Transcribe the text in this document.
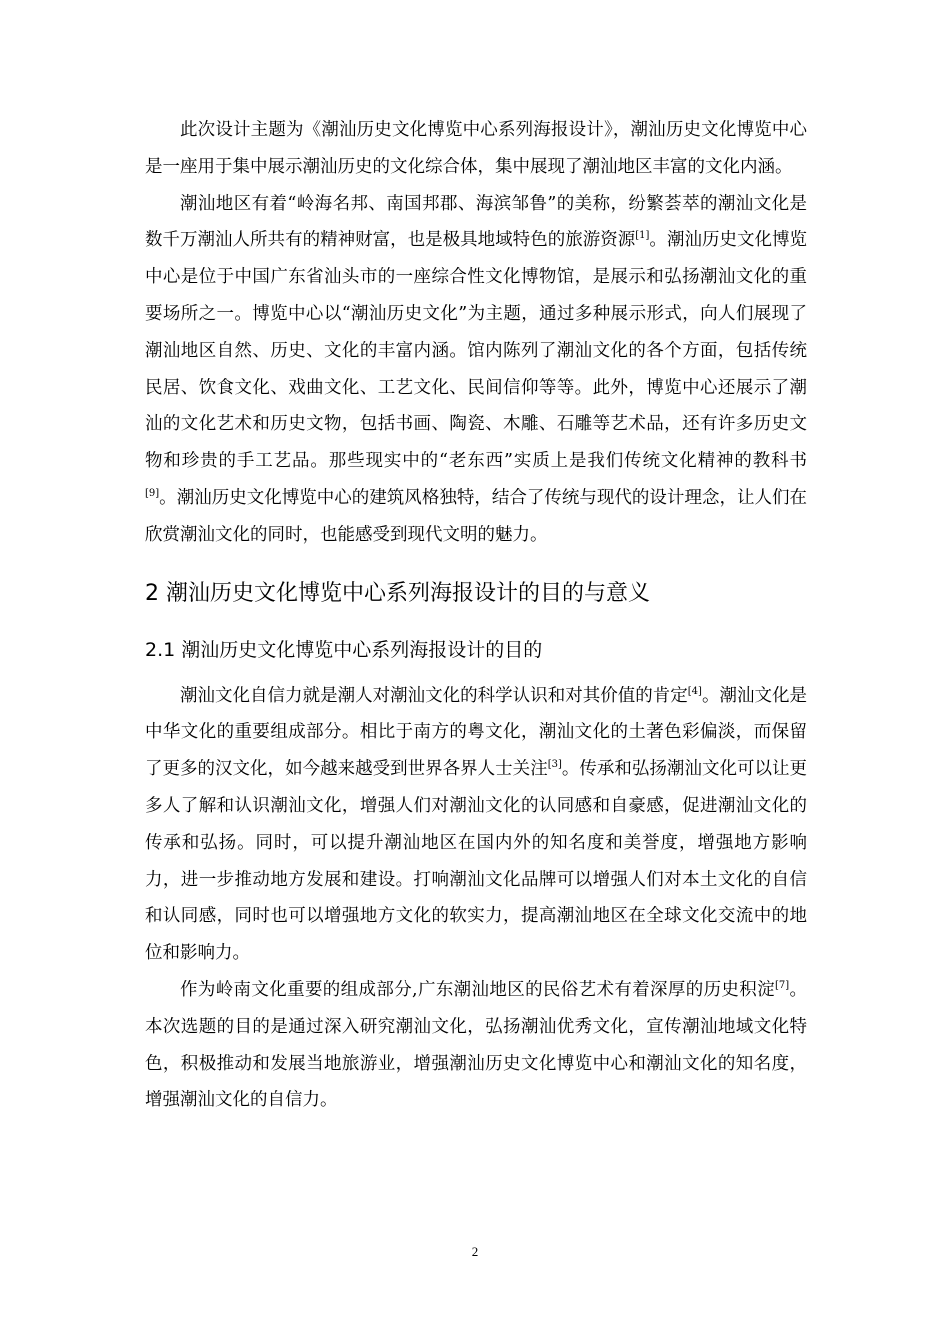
此次设计主题为《潮汕历史文化博览中心系列海报设计》，潮汕历史文化博览中心是一座用于集中展示潮汕历史的文化综合体，集中展现了潮汕地区丰富的文化内涵。

潮汕地区有着“岭海名邦、南国邦郡、海滨邹鲁”的美称，纷繁荟萃的潮汕文化是数千万潮汕人所共有的精神财富，也是极具地域特色的旅游资源[1]。潮汕历史文化博览中心是位于中国广东省汕头市的一座综合性文化博物馆，是展示和弘扬潮汕文化的重要场所之一。博览中心以“潮汕历史文化”为主题，通过多种展示形式，向人们展现了潮汕地区自然、历史、文化的丰富内涵。馆内陈列了潮汕文化的各个方面，包括传统民居、饮食文化、戏曲文化、工艺文化、民间信仰等等。此外，博览中心还展示了潮汕的文化艺术和历史文物，包括书画、陶瓷、木雕、石雕等艺术品，还有许多历史文物和珍贵的手工艺品。那些现实中的“老东西”实质上是我们传统文化精神的教科书[9]。潮汕历史文化博览中心的建筑风格独特，结合了传统与现代的设计理念，让人们在欣赏潮汕文化的同时，也能感受到现代文明的魅力。

2 潮汕历史文化博览中心系列海报设计的目的与意义
2.1 潮汕历史文化博览中心系列海报设计的目的

潮汕文化自信力就是潮人对潮汕文化的科学认识和对其价值的肯定[4]。潮汕文化是中华文化的重要组成部分。相比于南方的粤文化，潮汕文化的土著色彩偏淡，而保留了更多的汉文化，如今越来越受到世界各界人士关注[3]。传承和弘扬潮汕文化可以让更多人了解和认识潮汕文化，增强人们对潮汕文化的认同感和自豪感，促进潮汕文化的传承和弘扬。同时，可以提升潮汕地区在国内外的知名度和美誉度，增强地方影响力，进一步推动地方发展和建设。打响潮汕文化品牌可以增强人们对本土文化的自信和认同感，同时也可以增强地方文化的软实力，提高潮汕地区在全球文化交流中的地位和影响力。

作为岭南文化重要的组成部分,广东潮汕地区的民俗艺术有着深厚的历史积淀[7]。本次选题的目的是通过深入研究潮汕文化，弘扬潮汕优秀文化，宣传潮汕地域文化特色，积极推动和发展当地旅游业，增强潮汕历史文化博览中心和潮汕文化的知名度，增强潮汕文化的自信力。

2
